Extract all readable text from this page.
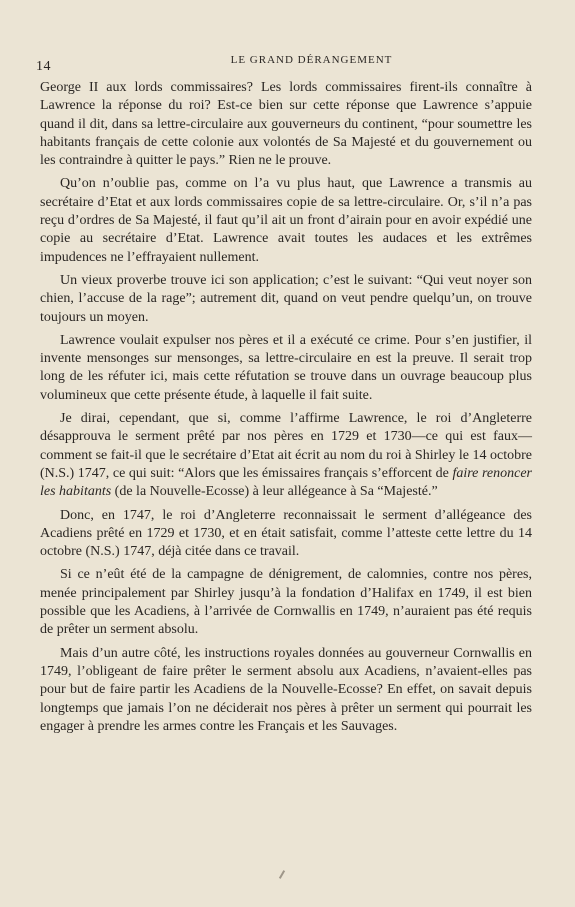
14	LE GRAND DÉRANGEMENT

George II aux lords commissaires? Les lords commissaires firent-ils connaître à Lawrence la réponse du roi? Est-ce bien sur cette réponse que Lawrence s’appuie quand il dit, dans sa lettre-circulaire aux gouverneurs du continent, “pour soumettre les habitants français de cette colonie aux volontés de Sa Majesté et du gouvernement ou les contraindre à quitter le pays.” Rien ne le prouve.

Qu’on n’oublie pas, comme on l’a vu plus haut, que Lawrence a transmis au secrétaire d’Etat et aux lords commissaires copie de sa lettre-circulaire. Or, s’il n’a pas reçu d’ordres de Sa Majesté, il faut qu’il ait un front d’airain pour en avoir expédié une copie au secrétaire d’Etat. Lawrence avait toutes les audaces et les extrêmes impudences ne l’effrayaient nullement.

Un vieux proverbe trouve ici son application; c’est le suivant: “Qui veut noyer son chien, l’accuse de la rage”; autrement dit, quand on veut pendre quelqu’un, on trouve toujours un moyen.

Lawrence voulait expulser nos pères et il a exécuté ce crime. Pour s’en justifier, il invente mensonges sur mensonges, sa lettre-circulaire en est la preuve. Il serait trop long de les réfuter ici, mais cette réfutation se trouve dans un ouvrage beaucoup plus volumineux que cette présente étude, à laquelle il fait suite.

Je dirai, cependant, que si, comme l’affirme Lawrence, le roi d’Angleterre désapprouva le serment prêté par nos pères en 1729 et 1730—ce qui est faux—comment se fait-il que le secrétaire d’Etat ait écrit au nom du roi à Shirley le 14 octobre (N.S.) 1747, ce qui suit: “Alors que les émissaires français s’efforcent de faire renoncer les habitants (de la Nouvelle-Ecosse) à leur allégeance à Sa “Majesté.”

Donc, en 1747, le roi d’Angleterre reconnaissait le serment d’allégeance des Acadiens prêté en 1729 et 1730, et en était satisfait, comme l’atteste cette lettre du 14 octobre (N.S.) 1747, déjà citée dans ce travail.

Si ce n’eût été de la campagne de dénigrement, de calomnies, contre nos pères, menée principalement par Shirley jusqu’à la fondation d’Halifax en 1749, il est bien possible que les Acadiens, à l’arrivée de Cornwallis en 1749, n’auraient pas été requis de prêter un serment absolu.

Mais d’un autre côté, les instructions royales données au gouverneur Cornwallis en 1749, l’obligeant de faire prêter le serment absolu aux Acadiens, n’avaient-elles pas pour but de faire partir les Acadiens de la Nouvelle-Ecosse? En effet, on savait depuis longtemps que jamais l’on ne déciderait nos pères à prêter un serment qui pourrait les engager à prendre les armes contre les Français et les Sauvages.
